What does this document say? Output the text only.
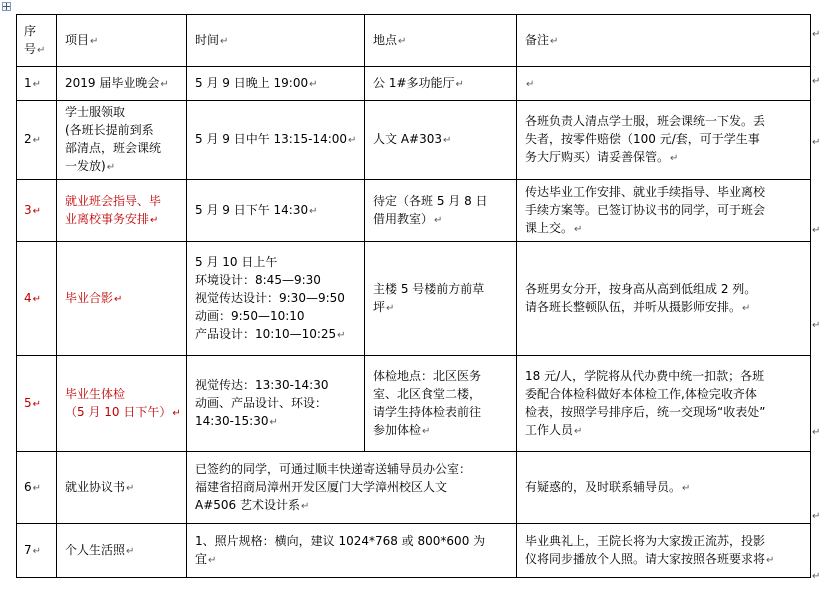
序
号↵	项目↵	时间↵	地点↵	备注↵
1↵	2019 届毕业晚会↵	5 月 9 日晚上 19:00↵	公 1#多功能厅↵	↵

2↵	学士服领取
(各班长提前到系
部清点，班会课统
一发放)↵	5 月 9 日中午 13:15-14:00↵	人文 A#303↵	各班负责人清点学士服，班会课统一下发。丢
失者，按零件赔偿（100 元/套，可于学生事
务大厅购买）请妥善保管。↵

3↵	就业班会指导、毕
业离校事务安排↵	5 月 9 日下午 14:30↵	待定（各班 5 月 8 日
借用教室）↵	传达毕业工作安排、就业手续指导、毕业离校
手续方案等。已签订协议书的同学，可于班会
课上交。↵

4↵	毕业合影↵	5 月 10 日上午
环境设计：8:45—9:30
视觉传达设计：9:30—9:50
动画：9:50—10:10
产品设计：10:10—10:25↵	主楼 5 号楼前方前草
坪↵	各班男女分开，按身高从高到低组成 2 列。
请各班长整顿队伍，并听从摄影师安排。↵

5↵	毕业生体检
（5 月 10 日下午）↵	视觉传达：13:30-14:30
动画、产品设计、环设：
14:30-15:30↵	体检地点：北区医务
室、北区食堂二楼，
请学生持体检表前往
参加体检↵	18 元/人，学院将从代办费中统一扣款；各班
委配合体检科做好本体检工作,体检完收齐体
检表，按照学号排序后，统一交现场“收表处”
工作人员↵

6↵	就业协议书↵	已签约的同学，可通过顺丰快递寄送辅导员办公室：
福建省招商局漳州开发区厦门大学漳州校区人文
A#506 艺术设计系↵		有疑惑的，及时联系辅导员。↵

7↵	个人生活照↵	1、照片规格：横向，建议 1024*768 或 800*600 为
宜↵		毕业典礼上，王院长将为大家拨正流苏，投影
仪将同步播放个人照。请大家按照各班要求将↵
↵
↵
↵
↵
↵
↵
↵
↵
